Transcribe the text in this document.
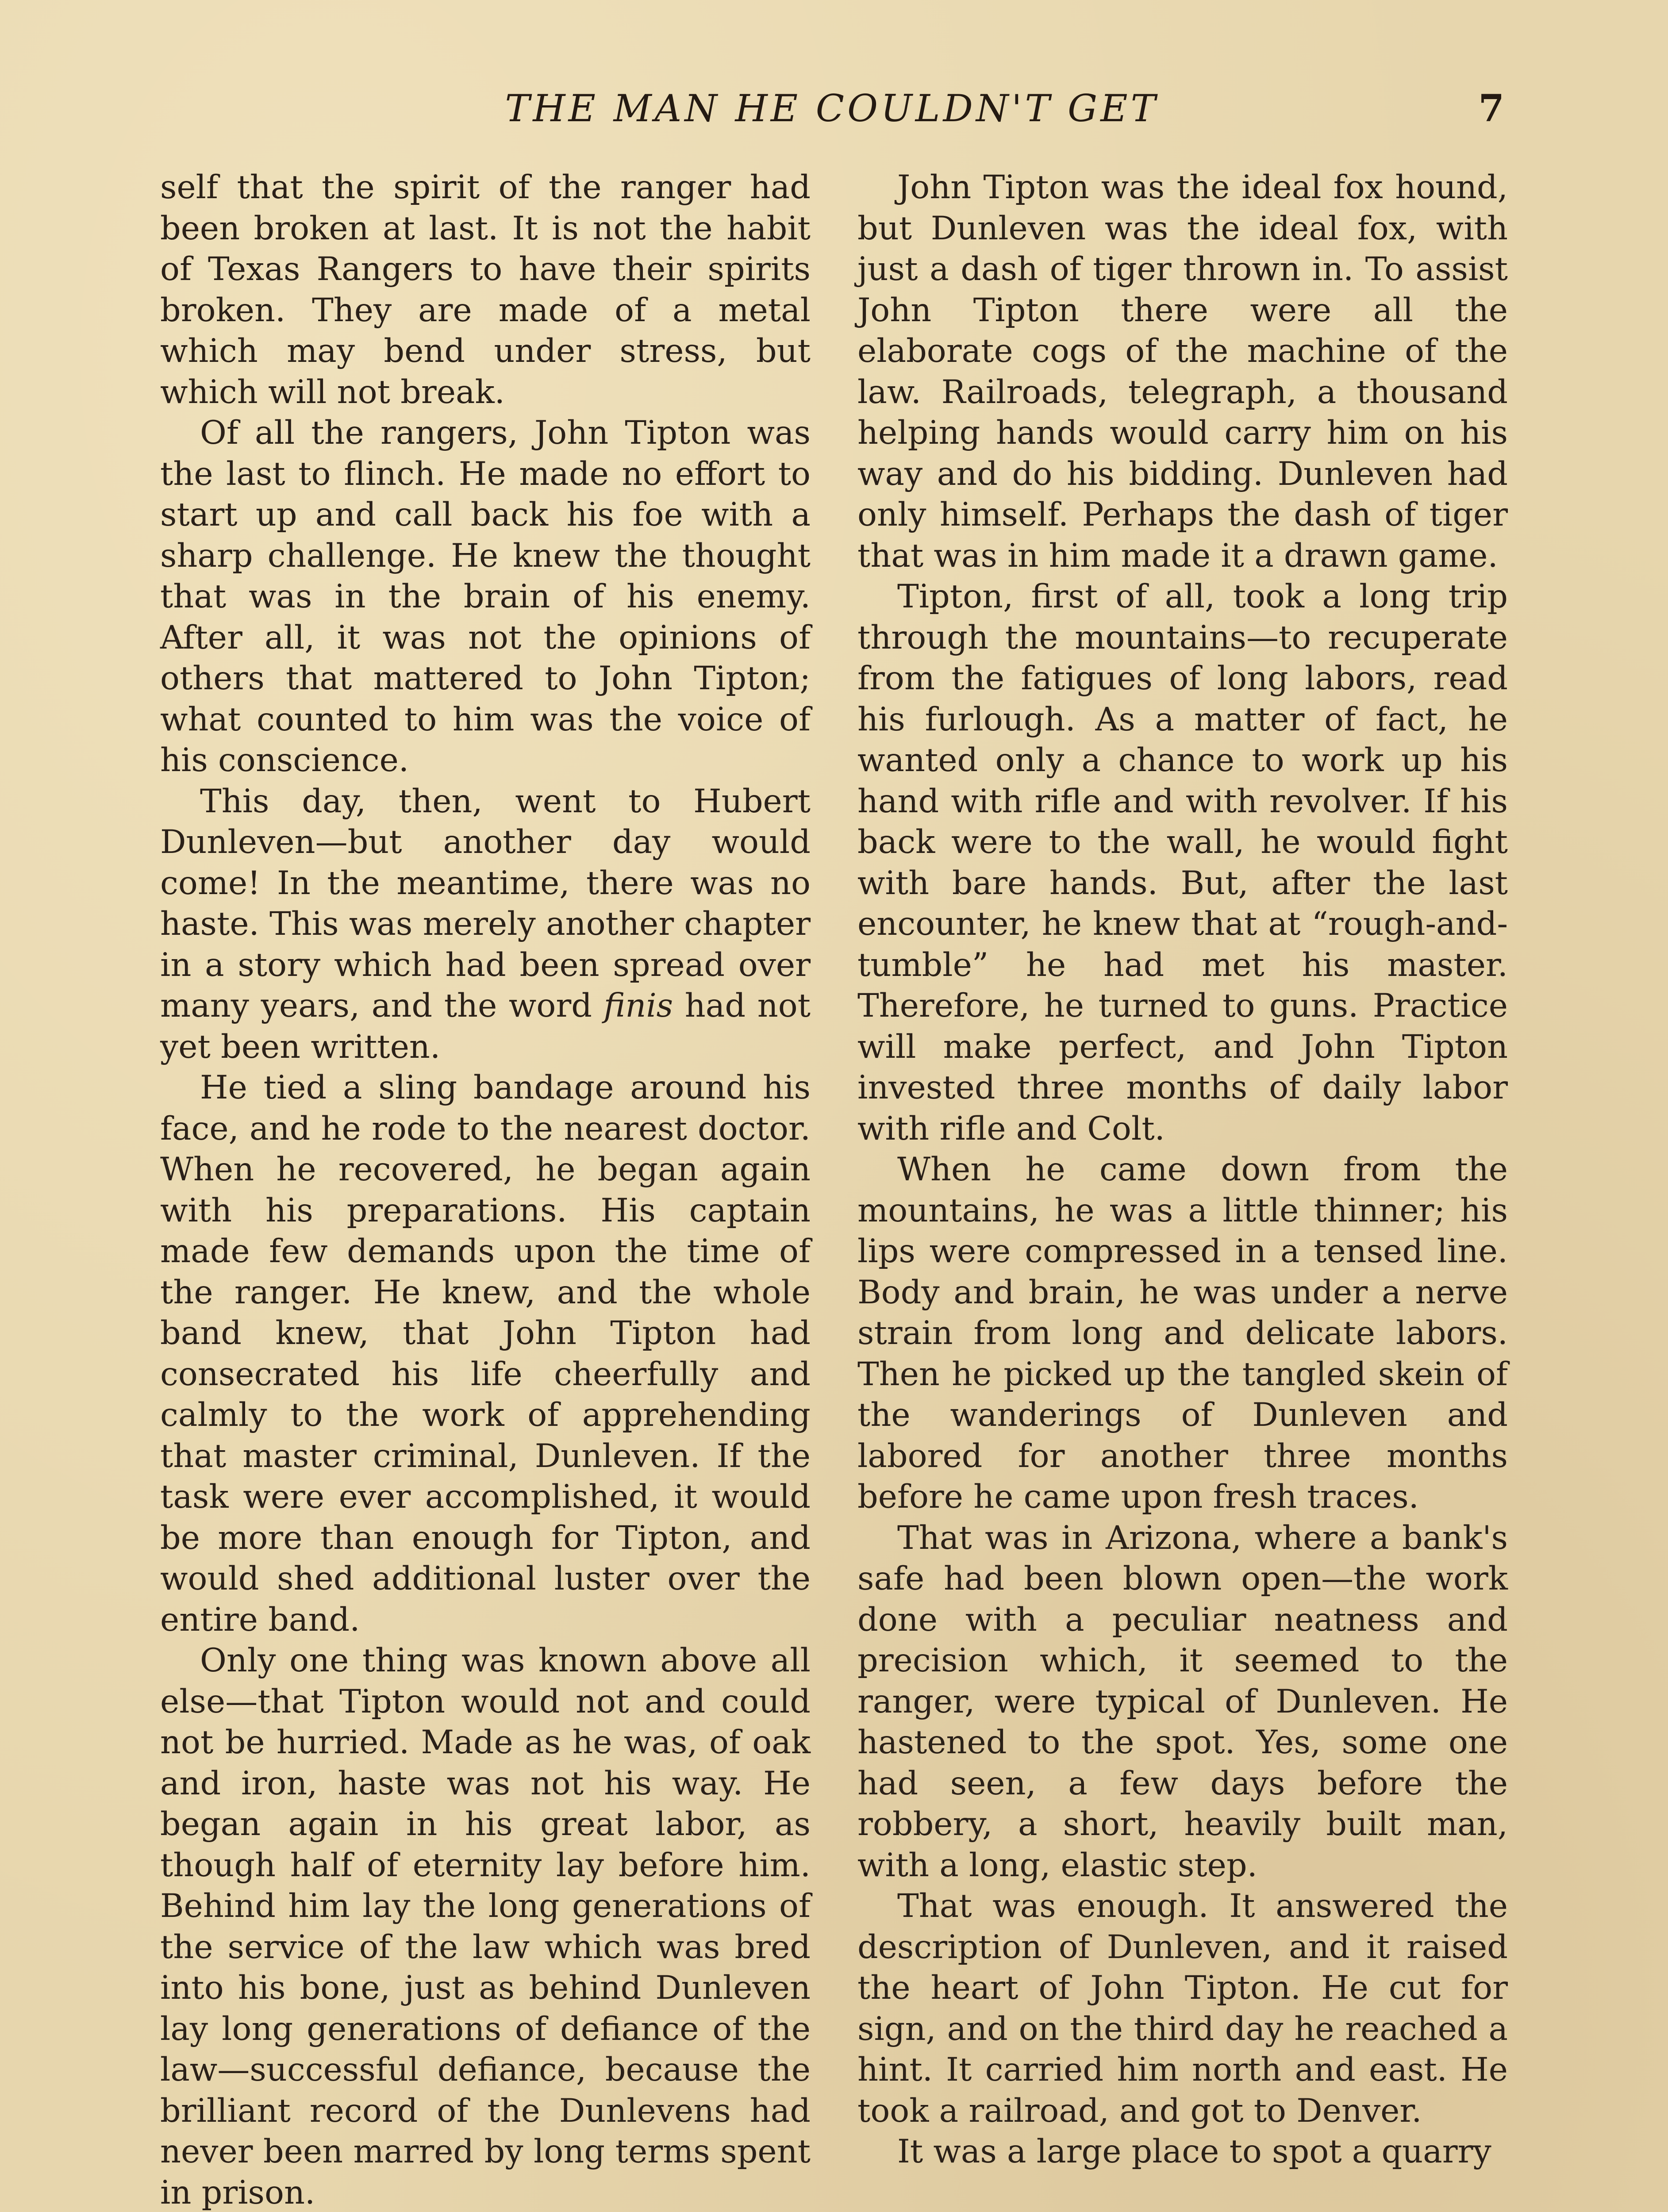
THE MAN HE COULDN'T GET	7

self that the spirit of the ranger had been broken at last. It is not the habit of Texas Rangers to have their spirits broken. They are made of a metal which may bend under stress, but which will not break.

Of all the rangers, John Tipton was the last to flinch. He made no effort to start up and call back his foe with a sharp challenge. He knew the thought that was in the brain of his enemy. After all, it was not the opinions of others that mattered to John Tipton; what counted to him was the voice of his conscience.

This day, then, went to Hubert Dunleven—but another day would come! In the meantime, there was no haste. This was merely another chapter in a story which had been spread over many years, and the word finis had not yet been written.

He tied a sling bandage around his face, and he rode to the nearest doctor. When he recovered, he began again with his preparations. His captain made few demands upon the time of the ranger. He knew, and the whole band knew, that John Tipton had consecrated his life cheerfully and calmly to the work of apprehending that master criminal, Dunleven. If the task were ever accomplished, it would be more than enough for Tipton, and would shed additional luster over the entire band.

Only one thing was known above all else—that Tipton would not and could not be hurried. Made as he was, of oak and iron, haste was not his way. He began again in his great labor, as though half of eternity lay before him. Behind him lay the long generations of the service of the law which was bred into his bone, just as behind Dunleven lay long generations of defiance of the law—successful defiance, because the brilliant record of the Dunlevens had never been marred by long terms spent in prison.

John Tipton was the ideal fox hound, but Dunleven was the ideal fox, with just a dash of tiger thrown in. To assist John Tipton there were all the elaborate cogs of the machine of the law. Railroads, telegraph, a thousand helping hands would carry him on his way and do his bidding. Dunleven had only himself. Perhaps the dash of tiger that was in him made it a drawn game.

Tipton, first of all, took a long trip through the mountains—to recuperate from the fatigues of long labors, read his furlough. As a matter of fact, he wanted only a chance to work up his hand with rifle and with revolver. If his back were to the wall, he would fight with bare hands. But, after the last encounter, he knew that at “rough-and-tumble” he had met his master. Therefore, he turned to guns. Practice will make perfect, and John Tipton invested three months of daily labor with rifle and Colt.

When he came down from the mountains, he was a little thinner; his lips were compressed in a tensed line. Body and brain, he was under a nerve strain from long and delicate labors. Then he picked up the tangled skein of the wanderings of Dunleven and labored for another three months before he came upon fresh traces.

That was in Arizona, where a bank's safe had been blown open—the work done with a peculiar neatness and precision which, it seemed to the ranger, were typical of Dunleven. He hastened to the spot. Yes, some one had seen, a few days before the robbery, a short, heavily built man, with a long, elastic step.

That was enough. It answered the description of Dunleven, and it raised the heart of John Tipton. He cut for sign, and on the third day he reached a hint. It carried him north and east. He took a railroad, and got to Denver.

It was a large place to spot a quarry
